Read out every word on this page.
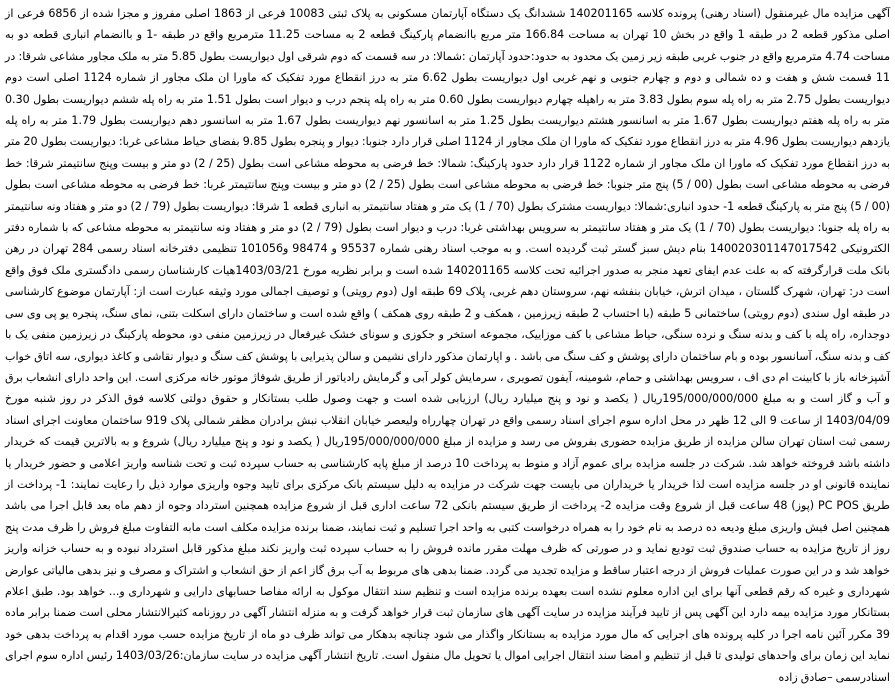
آگهی مزایده مال غیرمنقول (اسناد رهنی) پرونده کلاسه 140201165 ششدانگ یک دستگاه آپارتمان مسکونی به پلاک ثبتی 10083 فرعی از 1863 اصلی مفروز و مجزا شده از 6856 فرعی از اصلی مذکور قطعه 2 در طبقه 1 واقع در بخش 10 تهران به مساحت 166.84 متر مربع باانضمام پارکینگ قطعه 2 به مساحت 11.25 مترمربع واقع در طبقه -1 و باانضمام انباری قطعه دو به مساحت 4.74 مترمربع واقع در جنوب غربی طبقه زیر زمین یک محدود به حدود:حدود آپارتمان :شمالا: در سه قسمت که دوم شرقی اول دیواریست بطول 5.85 متر به ملک مجاور مشاعی شرقا: در 11 قسمت شش و هفت و ده شمالی و دوم و چهارم جنوبی و نهم غربی اول دیواریست بطول 6.62 متر به درز انقطاع مورد تفکیک که ماورا ان ملک مجاور از شماره 1124 اصلی است دوم دیواریست بطول 2.75 متر به راه پله سوم بطول 3.83 متر به راهپله چهارم دیواریست بطول 0.60 متر به راه پله پنجم درب و دیوار است بطول 1.51 متر به راه پله ششم دیواریست بطول 0.30 متر به راه پله هفتم دیواریست بطول 1.67 متر به اسانسور هشتم دیواریست بطول 1.25 متر به اسانسور نهم دیواریست بطول 1.67 متر به اسانسور دهم دیواریست بطول 1.79 متر به راه پله یازدهم دیواریست بطول 4.96 متر به درز انقطاع مورد تفکیک که ماورا ان ملک مجاور از 1124 اصلی قرار دارد جنوبا: دیوار و پنجره بطول 9.85 بفضای حیاط مشاعی غربا: دیواریست بطول 20 متر به درز انقطاع مورد تفکیک که ماورا ان ملک مجاور از شماره 1122 قرار دارد حدود پارکینگ: شمالا: خط فرضی به محوطه مشاعی است بطول (25 / 2) دو متر و بیست وپنج سانتیمتر شرقا: خط فرضی به محوطه مشاعی است بطول (00 / 5) پنج متر جنوبا: خط فرضی به محوطه مشاعی است بطول (25 / 2) دو متر و بیست وپنج سانتیمتر غربا: خط فرضی به محوطه مشاعی است بطول (00 / 5) پنج متر به پارکینگ قطعه 1- حدود انباری:شمالا: دیواریست مشترک بطول (70 / 1) یک متر و هفتاد سانتیمتر به انباری قطعه 1 شرقا: دیواریست بطول (79 / 2) دو متر و هفتاد ونه سانتیمتر به راه پله جنوبا: دیواریست بطول (70 / 1) یک متر و هفتاد سانتیمتر به سرویس بهداشتی غربا: درب و دیوار است بطول (79 / 2) دو متر و هفتاد ونه سانتیمتر به محوطه مشاعی که با شماره دفتر الکترونیکی 140020301147017542 بنام دیش سبز گستر ثبت گردیده است. و به موجب اسناد رهنی شماره 95537 و 98474 و101056 تنظیمی دفترخانه اسناد رسمی 284 تهران در رهن بانک ملت قرارگرفته که به علت عدم ایفای تعهد منجر به صدور اجرائیه تحت کلاسه 140201165 شده است و برابر نظریه مورخ 1403/03/21هیات کارشناسان رسمی دادگستری ملک فوق واقع است در: تهران، شهرک گلستان ، میدان اترش، خیابان بنفشه نهم، سروستان دهم غربی، پلاک 69 طبقه اول (دوم رویتی) و توصیف اجمالی مورد وثیقه عبارت است از: آپارتمان موضوع کارشناسی در طبقه اول سندی (دوم رویتی) ساختمانی 5 طبقه (با احتساب 2 طبقه زیرزمین ، همکف و 2 طبقه روی همکف ) واقع شده است و ساختمان دارای اسکلت بتنی، نمای سنگ، پنجره یو پی وی سی دوجداره، راه پله با کف و بدنه سنگ و نرده سنگی، حیاط مشاعی با کف موزاییک، مجموعه استخر و جکوزی و سونای خشک غیرفعال در زیرزمین منفی دو، محوطه پارکینگ در زیرزمین منفی یک با کف و بدنه سنگ، آسانسور بوده و بام ساختمان دارای پوشش و کف سنگ می باشد . و اپارتمان مذکور دارای نشیمن و سالن پذیرایی با پوشش کف سنگ و دیوار نقاشی و کاغذ دیواری، سه اتاق خواب آشپزخانه باز با کابینت ام دی اف ، سرویس بهداشتی و حمام، شومینه، آیفون تصویری ، سرمایش کولر آبی و گرمایش رادیاتور از طریق شوفاژ موتور خانه مرکزی است. این واحد دارای انشعاب برق و آب و گاز است و به مبلغ 195/000/000/000ریال ( یکصد و نود و پنج میلیارد ریال) ارزیابی شده است و جهت وصول طلب بستانکار و حقوق دولتی کلاسه فوق الذکر در روز شنبه مورخ 1403/04/09 از ساعت 9 الی 12 ظهر در محل اداره سوم اجرای اسناد رسمی واقع در تهران چهارراه ولیعصر خیابان انقلاب نبش برادران مظفر شمالی پلاک 919 ساختمان معاونت اجرای اسناد رسمی ثبت استان تهران سالن مزایده از طریق مزایده حضوری بفروش می رسد و مزایده از مبلغ 195/000/000/000ریال ( یکصد و نود و پنج میلیارد ریال) شروع و به بالاترین قیمت که خریدار داشته باشد فروخته خواهد شد. شرکت در جلسه مزایده برای عموم آزاد و منوط به پرداخت 10 درصد از مبلغ پایه کارشناسی به حساب سپرده ثبت و تحت شناسه واریز اعلامی و حضور خریدار یا نماینده قانونی او در جلسه مزایده است لذا خریدار یا خریداران می بایست جهت شرکت در مزایده به دلیل سیستم بانک مرکزی برای تایید وجوه واریزی موارد ذیل را رعایت نمایند: 1- پرداخت از طریق PC POS (پوز) 48 ساعت قبل از شروع وقت مزایده 2- پرداخت از طریق سیستم بانکی 72 ساعت اداری قبل از شروع مزایده همچنین استرداد وجوه از دهم ماه بعد قابل اجرا می باشد همچنین اصل فیش واریزی مبلغ ودیعه ده درصد به نام خود را به همراه درخواست کتبی به واحد اجرا تسلیم و ثبت نمایند، ضمنا برنده مزایده مکلف است مابه التفاوت مبلغ فروش را ظرف مدت پنج روز از تاریخ مزایده به حساب صندوق ثبت تودیع نماید و در صورتی که ظرف مهلت مقرر مانده فروش را به حساب سپرده ثبت واریز نکند مبلغ مذکور قابل استرداد نبوده و به حساب خزانه واریز خواهد شد و در این صورت عملیات فروش از درجه اعتبار ساقط و مزایده تجدید می گردد. ضمنا بدهی های مربوط به آب برق گاز اعم از حق انشعاب و اشتراک و مصرف و نیز بدهی مالیاتی عوارض شهرداری و غیره که رقم قطعی آنها برای این اداره معلوم نشده است بعهده برنده مزایده است و تنظیم سند انتقال موکول به ارائه مفاصا حسابهای دارایی و شهرداری و... خواهد بود. طبق اعلام بستانکار مورد مزایده بیمه دارد این آگهی پس از تایید فرآیند مزایده در سایت آگهی های سازمان ثبت قرار خواهد گرفت و به منزله انتشار آگهی در روزنامه کثیرالانتشار محلی است ضمنا برابر ماده 39 مکرر آئین نامه اجرا در کلیه پرونده های اجرایی که مال مورد مزایده به بستانکار واگذار می شود چنانچه بدهکار می تواند ظرف دو ماه از تاریخ مزایده حسب مورد اقدام به پرداخت بدهی خود نماید این زمان برای واحدهای تولیدی تا قبل از تنظیم و امضا سند انتقال اجرایی اموال یا تحویل مال منقول است. تاریخ انتشار آگهی مزایده در سایت سازمان:1403/03/26 رئیس اداره سوم اجرای اسنادرسمی –صادق زاده
